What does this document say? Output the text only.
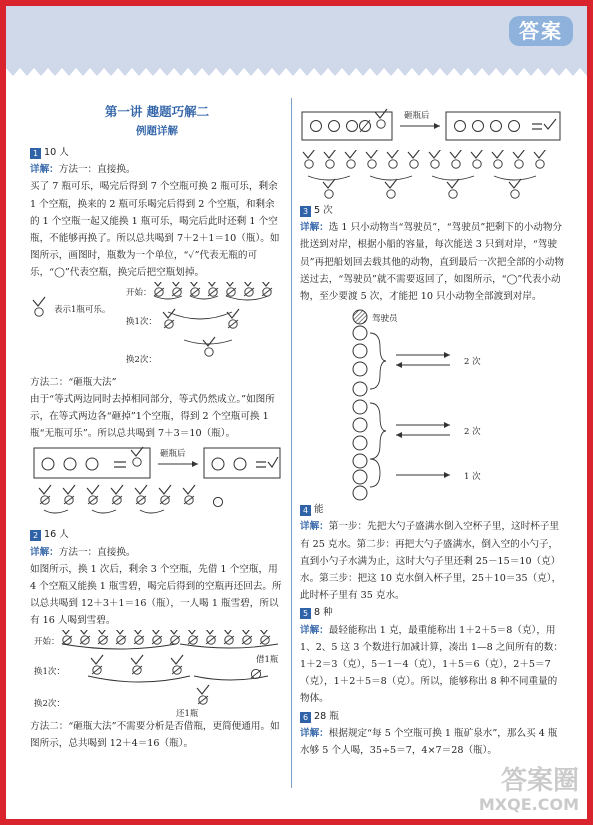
答案
第一讲 趣题巧解二
例题详解

1 10 人

详解：方法一：直接换。

买了 7 瓶可乐，喝完后得到 7 个空瓶可换 2 瓶可乐，剩余 1 个空瓶，换来的 2 瓶可乐喝完后得到 2 个空瓶，和剩余的 1 个空瓶一起又能换 1 瓶可乐，喝完后此时还剩 1 个空瓶，不能够再换了。所以总共喝到 7＋2＋1＝10（瓶）。如图所示，画图时，瓶数为一个单位，“✓”代表无瓶的可乐，“◯”代表空瓶，换完后把空瓶划掉。

开始：
换1次：
换2次：
表示1瓶可乐。

方法二：“砸瓶大法”

由于“等式两边同时去掉相同部分，等式仍然成立。”如图所示，在等式两边各“砸掉”1个空瓶，得到 2 个空瓶可换 1 瓶“无瓶可乐”。所以总共喝到 7＋3＝10（瓶）。

砸瓶后

2 16 人

详解：方法一：直接换。

如图所示，换 1 次后，剩余 3 个空瓶，先借 1 个空瓶，用 4 个空瓶又能换 1 瓶雪碧，喝完后得到的空瓶再还回去。所以总共喝到 12＋3＋1＝16（瓶），一人喝 1 瓶雪碧，所以有 16 人喝到雪碧。

开始：
换1次：
换2次：
借1瓶
还1瓶

方法二：“砸瓶大法”不需要分析是否借瓶，更简便通用。如图所示，总共喝到 12＋4＝16（瓶）。

砸瓶后

3 5 次

详解：选 1 只小动物当“驾驶员”，“驾驶员”把剩下的小动物分批送到对岸，根据小船的容量，每次能送 3 只到对岸，“驾驶员”再把船划回去载其他的动物，直到最后一次把全部的小动物送过去，“驾驶员”就不需要返回了，如图所示，“◯”代表小动物，至少要渡 5 次，才能把 10 只小动物全部渡到对岸。

驾驶员
2 次
2 次
1 次

4 能

详解：第一步：先把大勺子盛满水倒入空杯子里，这时杯子里有 25 克水。第二步：再把大勺子盛满水，倒入空的小勺子，直到小勺子水满为止，这时大勺子里还剩 25－15＝10（克）水。第三步：把这 10 克水倒入杯子里，25＋10＝35（克），此时杯子里有 35 克水。

5 8 种

详解：最轻能称出 1 克，最重能称出 1＋2＋5＝8（克），用 1、2、5 这 3 个数进行加减计算，凑出 1—8 之间所有的数：1＋2＝3（克），5－1－4（克），1＋5＝6（克），2＋5＝7（克），1＋2＋5＝8（克）。所以，能够称出 8 种不同重量的物体。

6 28 瓶

详解：根据规定“每 5 个空瓶可换 1 瓶矿泉水”，那么买 4 瓶水够 5 个人喝，35÷5＝7，4×7＝28（瓶）。

答案圈
MXQE.COM
